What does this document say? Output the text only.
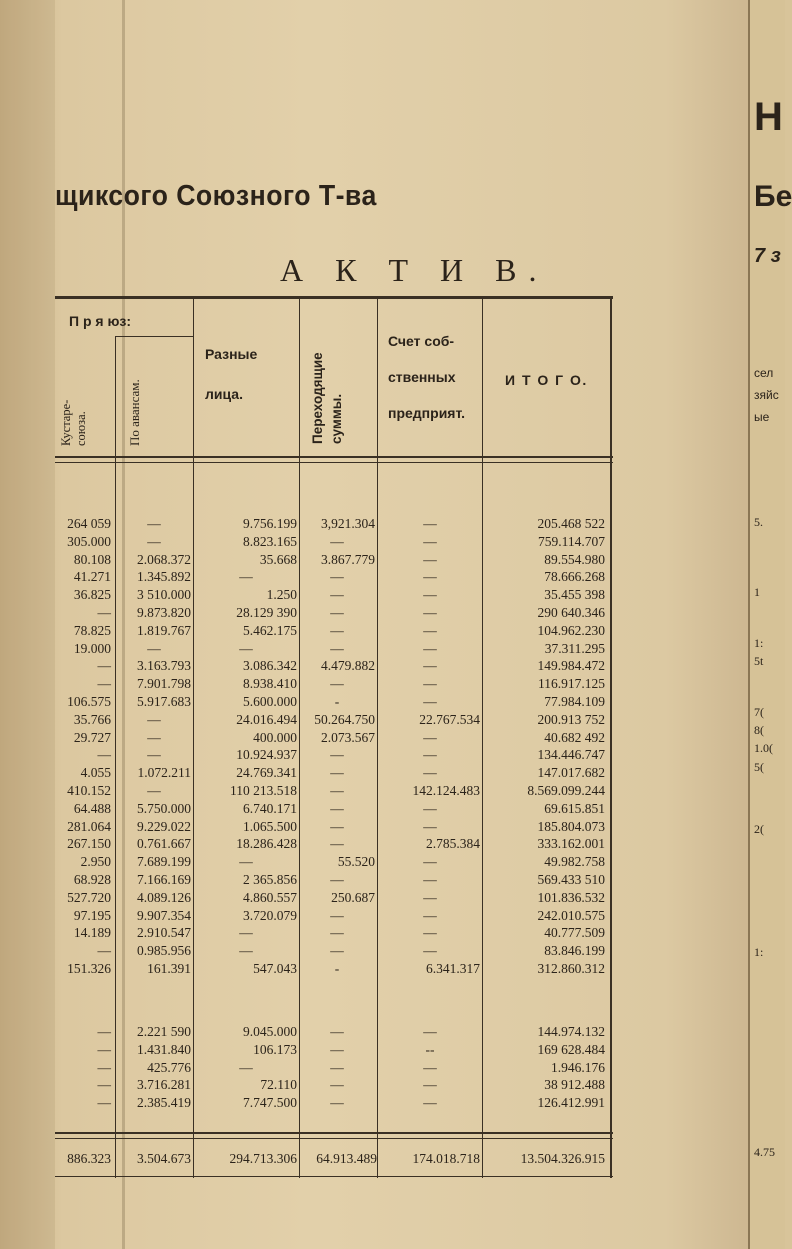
щиксого Союзного Т-ва
А К Т И В.
П р я юз:
Кустаре-
союза.	По авансам.
Разные

лица.	Переходящие
суммы.
Счет соб-

ственных

предприят.
И Т О Г О.
264 059	—	9.756.199	3,921.304	—	205.468 522
305.000	—	8.823.165	—	—	759.114.707
80.108	2.068.372	35.668	3.867.779	—	89.554.980
41.271	1.345.892	—	—	—	78.666.268
36.825	3 510.000	1.250	—	—	35.455 398
—	9.873.820	28.129 390	—	—	290 640.346
78.825	1.819.767	5.462.175	—	—	104.962.230
19.000	—	—	—	—	37.311.295
—	3.163.793	3.086.342	4.479.882	—	149.984.472
—	7.901.798	8.938.410	—	—	116.917.125
106.575	5.917.683	5.600.000	-	—	77.984.109
35.766	—	24.016.494	50.264.750	22.767.534	200.913 752
29.727	—	400.000	2.073.567	—	40.682 492
—	—	10.924.937	—	—	134.446.747
4.055	1.072.211	24.769.341	—	—	147.017.682
410.152	—	110 213.518	—	142.124.483	8.569.099.244
64.488	5.750.000	6.740.171	—	—	69.615.851
281.064	9.229.022	1.065.500	—	—	185.804.073
267.150	0.761.667	18.286.428	—	2.785.384	333.162.001
2.950	7.689.199	—	55.520	—	49.982.758
68.928	7.166.169	2 365.856	—	—	569.433 510
527.720	4.089.126	4.860.557	250.687	—	101.836.532
97.195	9.907.354	3.720.079	—	—	242.010.575
14.189	2.910.547	—	—	—	40.777.509
—	0.985.956	—	—	—	83.846.199
151.326	161.391	547.043	-	6.341.317	312.860.312
—	2.221 590	9.045.000	—	—	144.974.132
—	1.431.840	106.173	—	--	169 628.484
—	425.776	—	—	—	1.946.176
—	3.716.281	72.110	—	—	38 912.488
—	2.385.419	7.747.500	—	—	126.412.991
886.323	3.504.673	294.713.306	64.913.489	174.018.718	13.504.326.915
Н
Бе
7 з
сел
зяйс
ые
5.
1
1:
5t
7(
8(
1.0(
5(
2(
1:
4.75
